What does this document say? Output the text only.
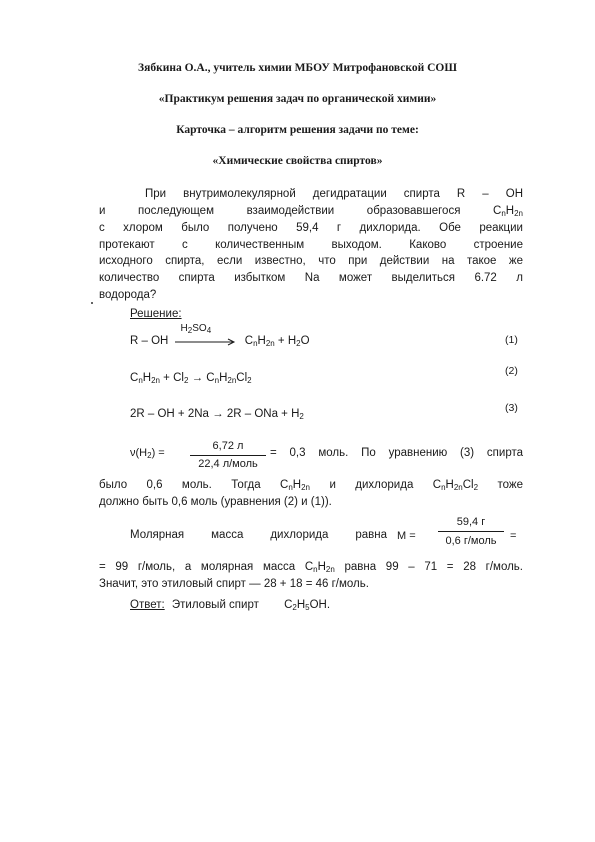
Зябкина О.А., учитель химии МБОУ Митрофановской СОШ
«Практикум решения задач по органической химии»
Карточка – алгоритм решения задачи по теме:
«Химические свойства спиртов»
При внутримолекулярной дегидратации спирта R – OH
и последующем взаимодействии образовавшегося $C_nH_{2n}$
с хлором было получено 59,4 г дихлорида. Обе реакции
протекают с количественным выходом. Каково строение
исходного спирта, если известно, что при действии на такое же
количество спирта избытком Na может выделиться 6.72 л
водорода?
Решение:
R – OH
$H_2SO_4$
$C_nH_{2n} + H_2O$	(1)
$C_nH_{2n} + Cl_2 \to C_nH_{2n}Cl_2$
(2)
2R – OH + 2Na → 2R – ONa + $H_2$
(3)
$\nu(H_2)$ =
6,72 л
22,4 л/моль
= 0,3 моль. По уравнению (3) спирта
было 0,6 моль. Тогда $C_nH_{2n}$ и дихлорида $C_nH_{2n}Cl_2$ тоже
должно быть 0,6 моль (уравнения (2) и (1)).
Молярная масса дихлорида равна M =
59,4 г
0,6 г/моль	=
= 99 г/моль, а молярная масса $C_nH_{2n}$ равна 99 – 71 = 28 г/моль.
Значит, это этиловый спирт — 28 + 18 = 46 г/моль.
Ответ: Этиловый спирт $C_2H_5OH$.
